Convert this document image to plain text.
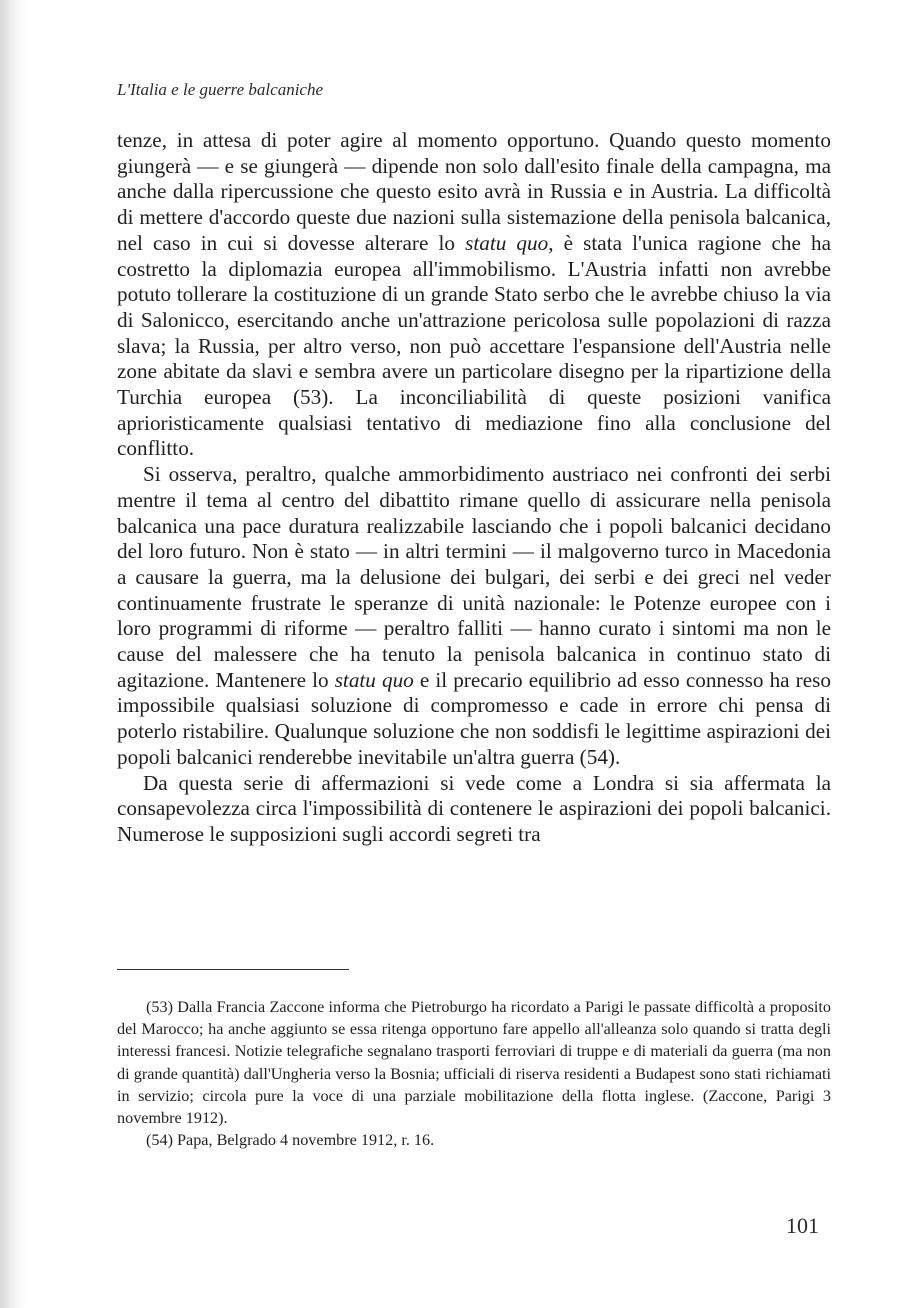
L'Italia e le guerre balcaniche

tenze, in attesa di poter agire al momento opportuno. Quando questo momento giungerà — e se giungerà — dipende non solo dall'esito finale della campagna, ma anche dalla ripercussione che questo esito avrà in Russia e in Austria. La difficoltà di mettere d'accordo queste due nazioni sulla sistemazione della penisola balcanica, nel caso in cui si dovesse alterare lo statu quo, è stata l'unica ragione che ha costretto la diplomazia europea all'immobilismo. L'Austria infatti non avrebbe potuto tollerare la costituzione di un grande Stato serbo che le avrebbe chiuso la via di Salonicco, esercitando anche un'attrazione pericolosa sulle popolazioni di razza slava; la Russia, per altro verso, non può accettare l'espansione dell'Austria nelle zone abitate da slavi e sembra avere un particolare disegno per la ripartizione della Turchia europea (53). La inconciliabilità di queste posizioni vanifica aprioristicamente qualsiasi tentativo di mediazione fino alla conclusione del conflitto.

Si osserva, peraltro, qualche ammorbidimento austriaco nei confronti dei serbi mentre il tema al centro del dibattito rimane quello di assicurare nella penisola balcanica una pace duratura realizzabile lasciando che i popoli balcanici decidano del loro futuro. Non è stato — in altri termini — il malgoverno turco in Macedonia a causare la guerra, ma la delusione dei bulgari, dei serbi e dei greci nel veder continuamente frustrate le speranze di unità nazionale: le Potenze europee con i loro programmi di riforme — peraltro falliti — hanno curato i sintomi ma non le cause del malessere che ha tenuto la penisola balcanica in continuo stato di agitazione. Mantenere lo statu quo e il precario equilibrio ad esso connesso ha reso impossibile qualsiasi soluzione di compromesso e cade in errore chi pensa di poterlo ristabilire. Qualunque soluzione che non soddisfi le legittime aspirazioni dei popoli balcanici renderebbe inevitabile un'altra guerra (54).

Da questa serie di affermazioni si vede come a Londra si sia affermata la consapevolezza circa l'impossibilità di contenere le aspirazioni dei popoli balcanici. Numerose le supposizioni sugli accordi segreti tra

(53) Dalla Francia Zaccone informa che Pietroburgo ha ricordato a Parigi le passate difficoltà a proposito del Marocco; ha anche aggiunto se essa ritenga opportuno fare appello all'alleanza solo quando si tratta degli interessi francesi. Notizie telegrafiche segnalano trasporti ferroviari di truppe e di materiali da guerra (ma non di grande quantità) dall'Ungheria verso la Bosnia; ufficiali di riserva residenti a Budapest sono stati richiamati in servizio; circola pure la voce di una parziale mobilitazione della flotta inglese. (Zaccone, Parigi 3 novembre 1912).

(54) Papa, Belgrado 4 novembre 1912, r. 16.

101
